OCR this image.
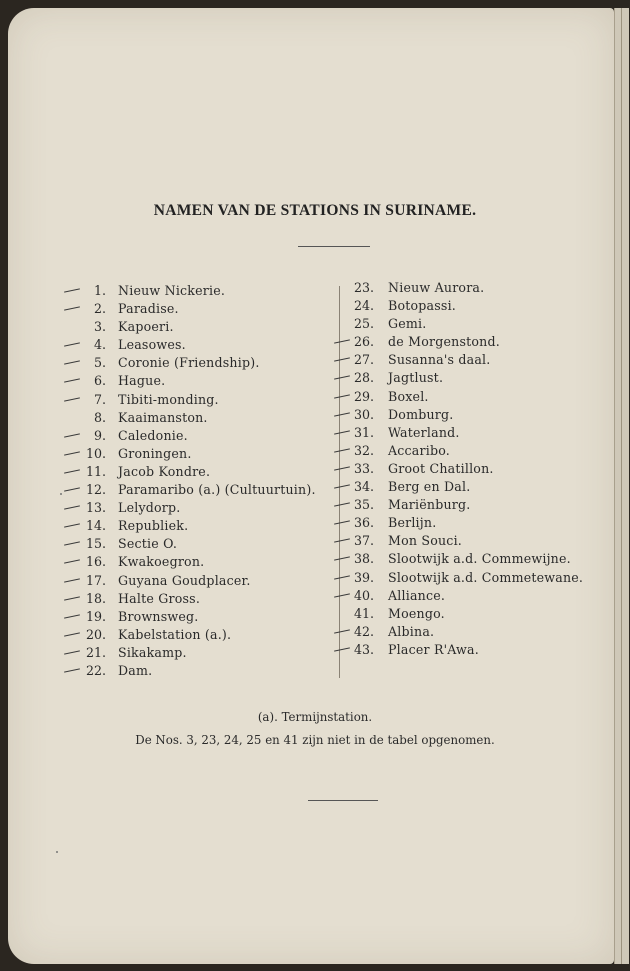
NAMEN VAN DE STATIONS IN SURINAME.
1. Nieuw Nickerie.
2. Paradise.
3. Kapoeri.
4. Leasowes.
5. Coronie (Friendship).
6. Hague.
7. Tibiti-monding.
8. Kaaimanston.
9. Caledonie.
10. Groningen.
11. Jacob Kondre.
12. Paramaribo (a.) (Cultuurtuin).
13. Lelydorp.
14. Republiek.
15. Sectie O.
16. Kwakoegron.
17. Guyana Goudplacer.
18. Halte Gross.
19. Brownsweg.
20. Kabelstation (a.).
21. Sikakamp.
22. Dam.
23. Nieuw Aurora.
24. Botopassi.
25. Gemi.
26. de Morgenstond.
27. Susanna's daal.
28. Jagtlust.
29. Boxel.
30. Domburg.
31. Waterland.
32. Accaribo.
33. Groot Chatillon.
34. Berg en Dal.
35. Mariënburg.
36. Berlijn.
37. Mon Souci.
38. Slootwijk a.d. Commewijne.
39. Slootwijk a.d. Commetewane.
40. Alliance.
41. Moengo.
42. Albina.
43. Placer R'Awa.
(a). Termijnstation.
De Nos. 3, 23, 24, 25 en 41 zijn niet in de tabel opgenomen.
